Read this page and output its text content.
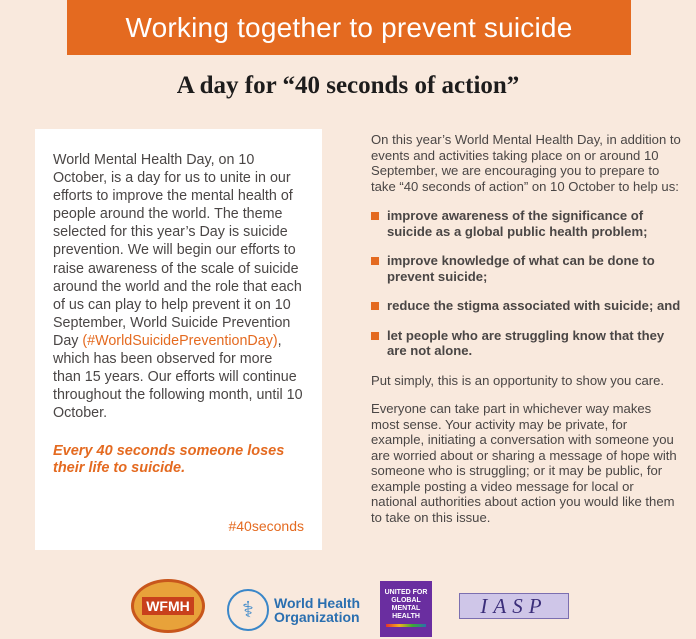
Working together to prevent suicide
A day for “40 seconds of action”

World Mental Health Day, on 10 October, is a day for us to unite in our efforts to improve the mental health of people around the world. The theme selected for this year’s Day is suicide prevention. We will begin our efforts to raise awareness of the scale of suicide around the world and the role that each of us can play to help prevent it on 10 September, World Suicide Prevention Day (#WorldSuicidePreventionDay), which has been observed for more than 15 years. Our efforts will continue throughout the following month, until 10 October.

Every 40 seconds someone loses their life to suicide.

#40seconds

On this year’s World Mental Health Day, in addition to events and activities taking place on or around 10 September, we are encouraging you to prepare to take “40 seconds of action” on 10 October to help us:

improve awareness of the significance of suicide as a global public health problem;
improve knowledge of what can be done to prevent suicide;
reduce the stigma associated with suicide; and
let people who are struggling know that they are not alone.

Put simply, this is an opportunity to show you care.

Everyone can take part in whichever way makes most sense. Your activity may be private, for example, initiating a conversation with someone you are worried about or sharing a message of hope with someone who is struggling; or it may be public, for example posting a video message for local or national authorities about action you would like them to take on this issue.

WFMH	⚕	World Health
Organization
UNITED FOR GLOBAL MENTAL HEALTH	IASP
